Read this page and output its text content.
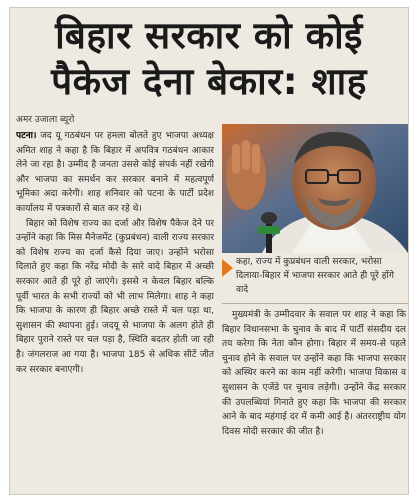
बिहार सरकार को कोई
पैकेज देना बेकार: शाह
अमर उजाला ब्यूरो

पटना। जद यू गठबंधन पर हमला बोलते हुए भाजपा अध्यक्ष अमित शाह ने कहा है कि बिहार में अपवित्र गठबंधन आकार लेने जा रहा है। उम्मीद है जनता उससे कोई संपर्क नहीं रखेगी और भाजपा का समर्थन कर सरकार बनाने में महत्वपूर्ण भूमिका अदा करेगी। शाह शनिवार को पटना के पार्टी प्रदेश कार्यालय में पत्रकारों से बात कर रहे थे।

बिहार को विशेष राज्य का दर्जा और विशेष पैकेज देने पर उन्होंने कहा कि मिस मैनेजमेंट (कुप्रबंधन) वाली राज्य सरकार को विशेष राज्य का दर्जा कैसे दिया जाए। उन्होंने भरोसा दिलाते हुए कहा कि नरेंद्र मोदी के सारे वादे बिहार में अच्छी सरकार आते ही पूरे हो जाएंगे। इससे न केवल बिहार बल्कि पूर्वी भारत के सभी राज्यों को भी लाभ मिलेगा। शाह ने कहा कि भाजपा के कारण ही बिहार अच्छे रास्ते में चल पड़ा था, सुशासन की स्थापना हुई। जदयू से भाजपा के अलग होते ही बिहार पुराने रास्ते पर चल पड़ा है, स्थिति बदतर होती जा रही है। जंगलराज आ गया है। भाजपा 185 से अधिक सीटें जीत कर सरकार बनाएगी।

कहा, राज्य में कुप्रबंधन वाली सरकार, भरोसा दिलाया-बिहार में भाजपा सरकार आते ही पूरे होंगे वादे

मुख्यमंत्री के उम्मीदवार के सवाल पर शाह ने कहा कि बिहार विधानसभा के चुनाव के बाद में पार्टी संसदीय दल तय करेगा कि नेता कौन होगा। बिहार में समय-से पहले चुनाव होने के सवाल पर उन्होंने कहा कि भाजपा सरकार को अस्थिर करने का काम नहीं करेगी। भाजपा विकास व सुशासन के एजेंडे पर चुनाव लड़ेगी। उन्होंने केंद्र सरकार की उपलब्धियां गिनाते हुए कहा कि भाजपा की सरकार आने के बाद महंगाई दर में कमी आई है। अंतरराष्ट्रीय योग दिवस मोदी सरकार की जीत है।
